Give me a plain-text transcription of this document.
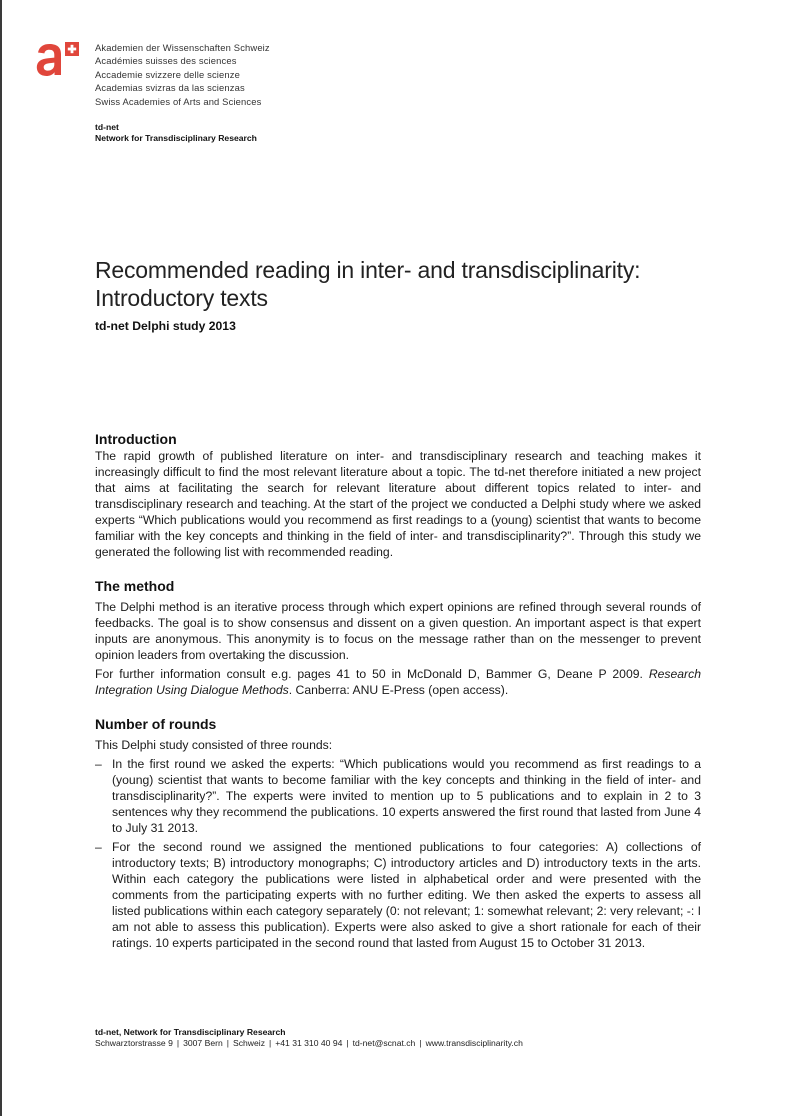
Akademien der Wissenschaften Schweiz
Académies suisses des sciences
Accademie svizzere delle scienze
Academias svizras da las scienzas
Swiss Academies of Arts and Sciences
td-net
Network for Transdisciplinary Research
Recommended reading in inter- and transdisciplinarity:
Introductory texts
td-net Delphi study 2013
Introduction

The rapid growth of published literature on inter- and transdisciplinary research and teaching makes it increasingly difficult to find the most relevant literature about a topic. The td-net therefore initiated a new project that aims at facilitating the search for relevant literature about different topics related to inter- and transdisciplinary research and teaching. At the start of the project we conducted a Delphi study where we asked experts “Which publications would you recommend as first readings to a (young) scientist that wants to become familiar with the key concepts and thinking in the field of inter- and transdisciplinarity?”. Through this study we generated the following list with recommended reading.

The method

The Delphi method is an iterative process through which expert opinions are refined through several rounds of feedbacks. The goal is to show consensus and dissent on a given question. An important aspect is that expert inputs are anonymous. This anonymity is to focus on the message rather than on the messenger to prevent opinion leaders from overtaking the discussion.

For further information consult e.g. pages 41 to 50 in McDonald D, Bammer G, Deane P 2009. Research Integration Using Dialogue Methods. Canberra: ANU E-Press (open access).

Number of rounds

This Delphi study consisted of three rounds:

– In the first round we asked the experts: “Which publications would you recommend as first readings to a (young) scientist that wants to become familiar with the key concepts and thinking in the field of inter- and transdisciplinarity?”. The experts were invited to mention up to 5 publications and to explain in 2 to 3 sentences why they recommend the publications. 10 experts answered the first round that lasted from June 4 to July 31 2013.
– For the second round we assigned the mentioned publications to four categories: A) collections of introductory texts; B) introductory monographs; C) introductory articles and D) introductory texts in the arts. Within each category the publications were listed in alphabetical order and were presented with the comments from the participating experts with no further editing. We then asked the experts to assess all listed publications within each category separately (0: not relevant; 1: somewhat relevant; 2: very relevant; -: I am not able to assess this publication). Experts were also asked to give a short rationale for each of their ratings. 10 experts participated in the second round that lasted from August 15 to October 31 2013.
td-net, Network for Transdisciplinary Research
Schwarztorstrasse 9 | 3007 Bern | Schweiz | +41 31 310 40 94 | td-net@scnat.ch | www.transdisciplinarity.ch
